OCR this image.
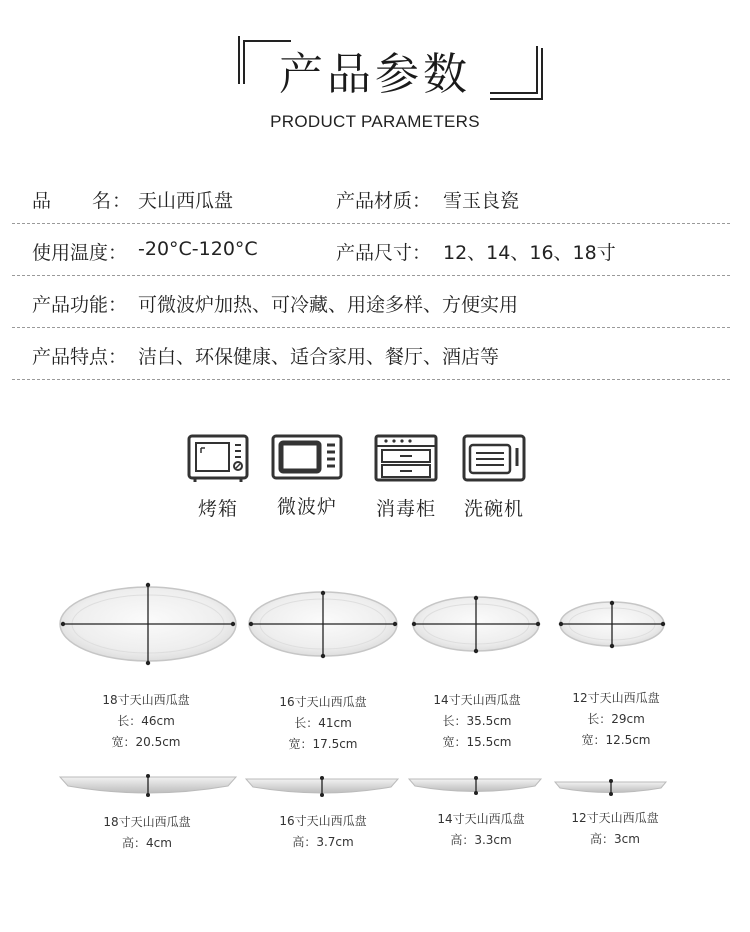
产品参数
PRODUCT PARAMETERS
品　　名： 天山西瓜盘	产品材质： 雪玉良瓷
使用温度： -20°C-120°C	产品尺寸： 12、14、16、18寸
产品功能： 可微波炉加热、可冷藏、用途多样、方便实用
产品特点： 洁白、环保健康、适合家用、餐厅、酒店等
烤箱	微波炉	消毒柜	洗碗机
18寸天山西瓜盘
长：46cm
宽：20.5cm
16寸天山西瓜盘
长：41cm
宽：17.5cm
14寸天山西瓜盘
长：35.5cm
宽：15.5cm
12寸天山西瓜盘
长：29cm
宽：12.5cm
18寸天山西瓜盘
高：4cm
16寸天山西瓜盘
高：3.7cm
14寸天山西瓜盘
高：3.3cm
12寸天山西瓜盘
高：3cm
